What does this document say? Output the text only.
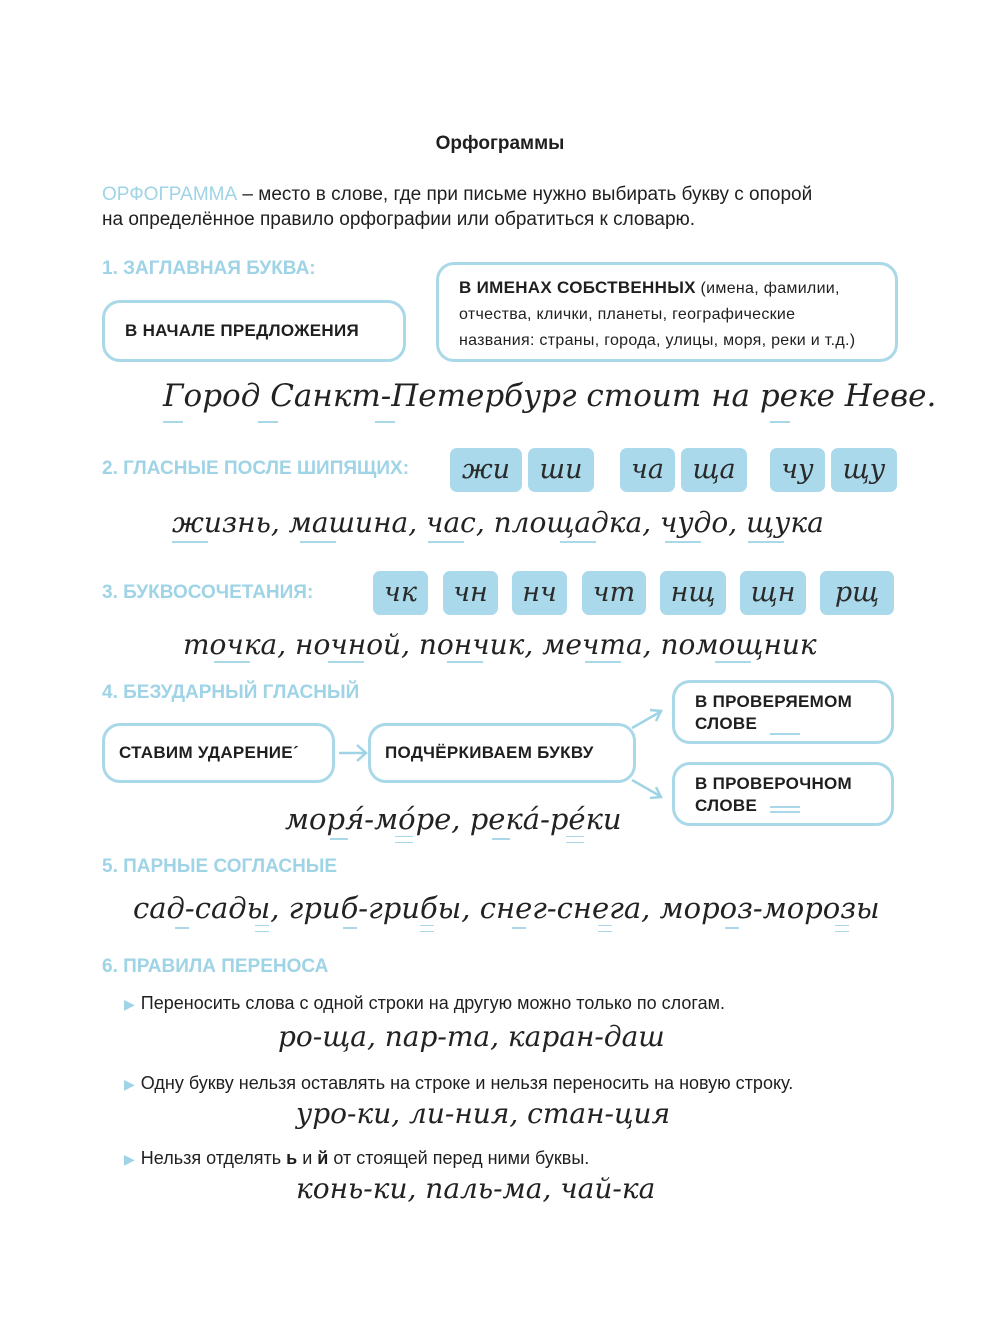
Орфограммы
ОРФОГРАММА – место в слове, где при письме нужно выбирать букву с опорой
на определённое правило орфографии или обратиться к словарю.
1. ЗАГЛАВНАЯ БУКВА:
В НАЧАЛЕ ПРЕДЛОЖЕНИЯ
В ИМЕНАХ СОБСТВЕННЫХ (имена, фамилии,
отчества, клички, планеты, географические
названия: страны, города, улицы, моря, реки и т.д.)
Город Санкт-Петербург стоит на реке Неве.
2. ГЛАСНЫЕ ПОСЛЕ ШИПЯЩИХ:	жи	ши	ча	ща	чу	щу
жизнь, машина, час, площадка, чудо, щука
3. БУКВОСОЧЕТАНИЯ:	чк	чн	нч	чт	нщ	щн	рщ
точка, ночной, пончик, мечта, помощник
4. БЕЗУДАРНЫЙ ГЛАСНЫЙ
СТАВИМ УДАРЕНИЕ´	ПОДЧЁРКИВАЕМ БУКВУ
В ПРОВЕРЯЕМОМ
СЛОВЕ
В ПРОВЕРОЧНОМ
СЛОВЕ
моря́-мо́ре, река́-ре́ки
5. ПАРНЫЕ СОГЛАСНЫЕ
сад-сады, гриб-грибы, снег-снега, мороз-морозы
6. ПРАВИЛА ПЕРЕНОСА
▶ Переносить слова с одной строки на другую можно только по слогам.
ро-ща, пар-та, каран-даш
▶ Одну букву нельзя оставлять на строке и нельзя переносить на новую строку.
уро-ки, ли-ния, стан-ция
▶ Нельзя отделять ь и й от стоящей перед ними буквы.
конь-ки, паль-ма, чай-ка
